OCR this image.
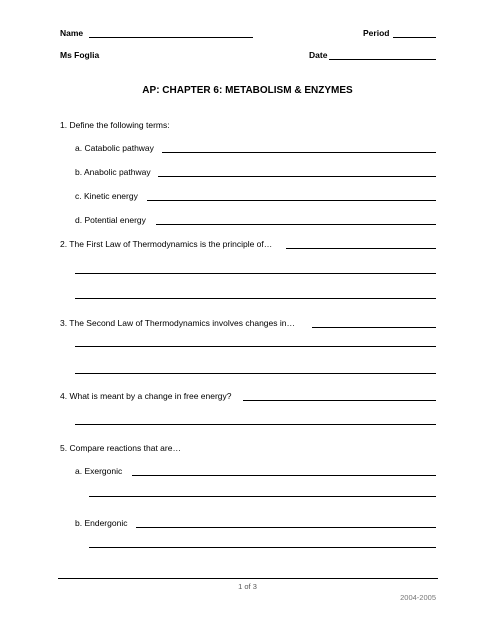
Name	Period
Ms Foglia	Date
AP: CHAPTER 6: METABOLISM & ENZYMES
1. Define the following terms:
a. Catabolic pathway
b. Anabolic pathway
c. Kinetic energy
d. Potential energy
2. The First Law of Thermodynamics is the principle of…
3. The Second Law of Thermodynamics involves changes in…
4. What is meant by a change in free energy?
5. Compare reactions that are…
a. Exergonic
b. Endergonic
1 of 3
2004-2005
